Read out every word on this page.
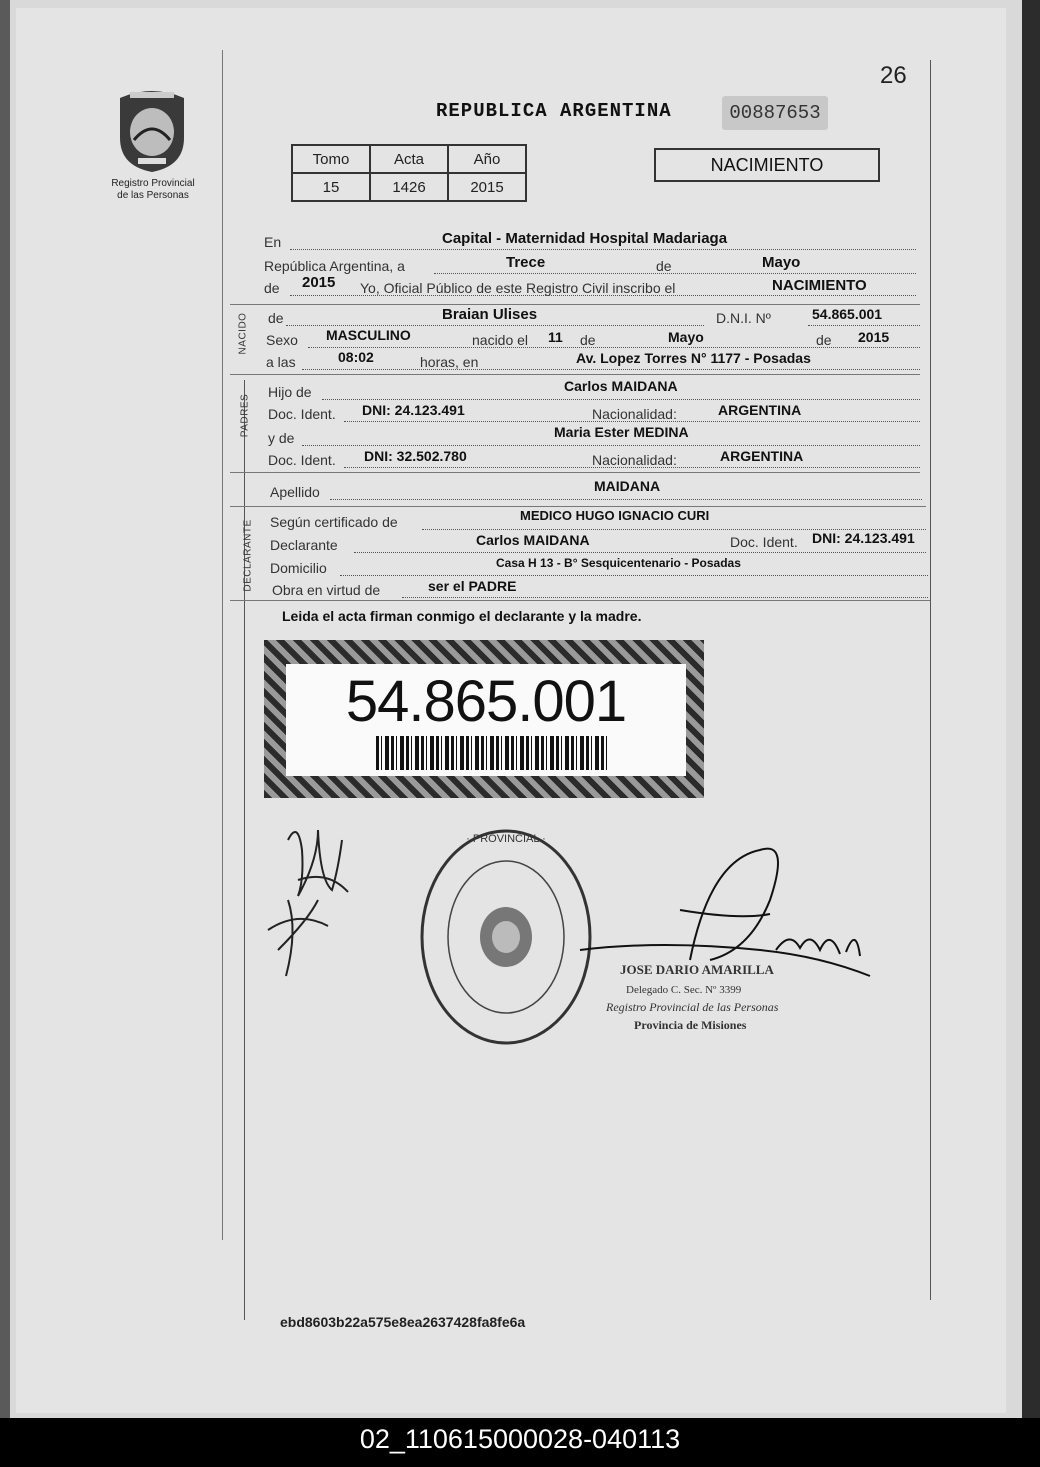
26
Registro Provincial
de las Personas
REPUBLICA ARGENTINA	00887653
Tomo	Acta	Año
15	1426	2015
NACIMIENTO
En	Capital - Maternidad Hospital Madariaga
República Argentina, a	Trece	de	Mayo
de 2015 Yo, Oficial Público de este Registro Civil inscribo el	NACIMIENTO
NACIDO de	Braian Ulises	D.N.I. Nº	54.865.001
Sexo MASCULINO	nacido el 11 de	Mayo	de 2015
a las	08:02	horas, en	Av. Lopez Torres N° 1177 - Posadas
PADRES
Hijo de	Carlos MAIDANA
Doc. Ident. DNI: 24.123.491	Nacionalidad:	ARGENTINA
y de	Maria Ester MEDINA
Doc. Ident. DNI: 32.502.780	Nacionalidad:	ARGENTINA
Apellido	MAIDANA
DECLARANTE Según certificado de	MEDICO HUGO IGNACIO CURI
Declarante	Carlos MAIDANA	Doc. Ident. DNI: 24.123.491
Domicilio	Casa H 13 - B° Sesquicentenario - Posadas
Obra en virtud de	ser el PADRE
Leida el acta firman conmigo el declarante y la madre.
54.865.001
· PROVINCIAL ·
JOSE DARIO AMARILLA
Delegado C. Sec. Nº 3399
Registro Provincial de las Personas
Provincia de Misiones
ebd8603b22a575e8ea2637428fa8fe6a
02_110615000028-040113
